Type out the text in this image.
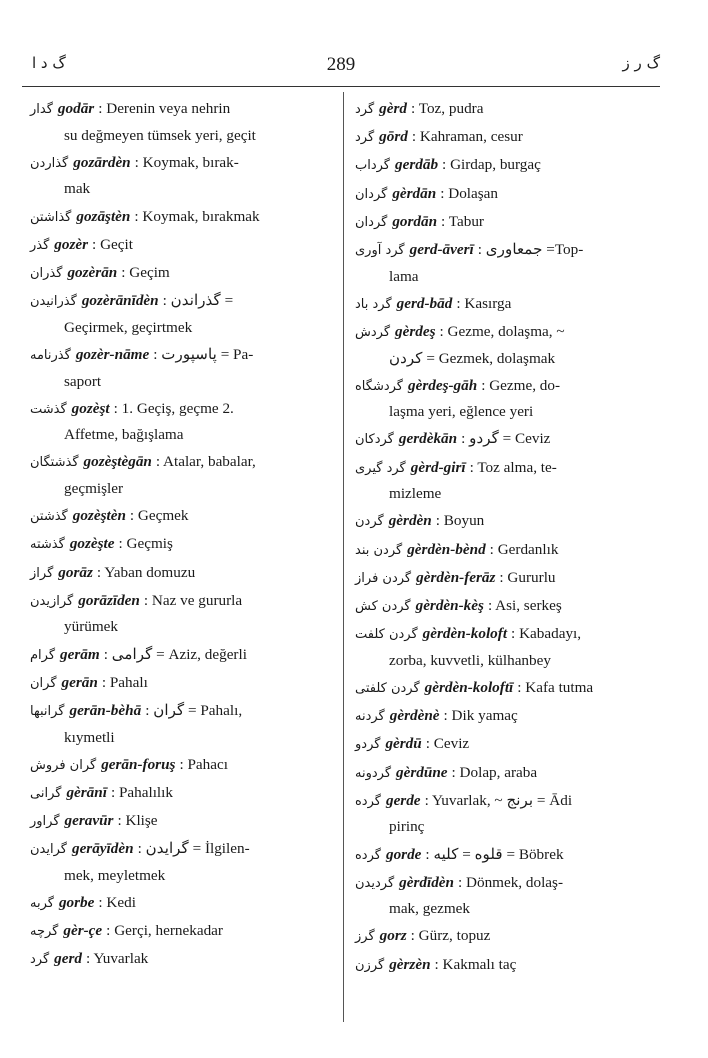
گ د ا	289	گ ر ز
گدار godār : Derenin veya nehrin
su değmeyen tümsek yeri, geçit
گذاردن gozārdèn : Koymak, bırak-
mak
گذاشتن gozāştèn : Koymak, bırakmak
گذر gozèr : Geçit
گذران gozèrān : Geçim
گذرانیدن gozèrānīdèn : گذراندن =
Geçirmek, geçirtmek
گذرنامه gozèr-nāme : پاسپورت = Pa-
saport
گذشت gozèşt : 1. Geçiş, geçme 2.
Affetme, bağışlama
گذشتگان gozèştègān : Atalar, babalar,
geçmişler
گذشتن gozèştèn : Geçmek
گذشته gozèşte : Geçmiş
گراز gorāz : Yaban domuzu
گرازیدن gorāzīden : Naz ve gururla
yürümek
گرام gerām : گرامی = Aziz, değerli
گران gerān : Pahalı
گرانبها gerān-bèhā : گران = Pahalı,
kıymetli
گران فروش gerān-foruş : Pahacı
گرانی gèrānī : Pahalılık
گراور geravūr : Klişe
گرایدن gerāyīdèn : گرایدن = İlgilen-
mek, meyletmek
گربه gorbe : Kedi
گرچه gèr-çe : Gerçi, hernekadar
گرد gerd : Yuvarlak
گرد gèrd : Toz, pudra
گرد gōrd : Kahraman, cesur
گرداب gerdāb : Girdap, burgaç
گردان gèrdān : Dolaşan
گردان gordān : Tabur
گرد آوری gerd-āverī : جمعاوری =Top-
lama
گرد باد gerd-bād : Kasırga
گردش gèrdeş : Gezme, dolaşma, ~
کردن = Gezmek, dolaşmak
گردشگاه gèrdeş-gāh : Gezme, do-
laşma yeri, eğlence yeri
گردکان gerdèkān : گردو = Ceviz
گرد گیری gèrd-girī : Toz alma, te-
mizleme
گردن gèrdèn : Boyun
گردن بند gèrdèn-bènd : Gerdanlık
گردن فراز gèrdèn-ferāz : Gururlu
گردن کش gèrdèn-kèş : Asi, serkeş
گردن کلفت gèrdèn-koloft : Kabadayı,
zorba, kuvvetli, külhanbey
گردن کلفتی gèrdèn-koloftī : Kafa tutma
گردنه gèrdènè : Dik yamaç
گردو gèrdū : Ceviz
گردونه gèrdūne : Dolap, araba
گرده gerde : Yuvarlak, ~ برنج = Ādi
pirinç
گرده gorde : قلوه = کلیه = Böbrek
گردیدن gèrdīdèn : Dönmek, dolaş-
mak, gezmek
گرز gorz : Gürz, topuz
گرزن gèrzèn : Kakmalı taç
